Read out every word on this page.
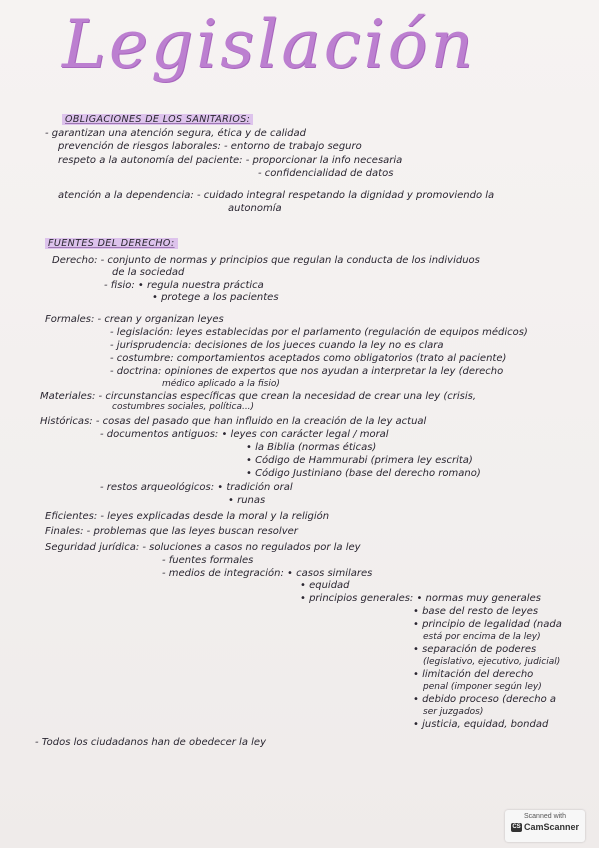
Legislación
OBLIGACIONES DE LOS SANITARIOS:
- garantizan una atención segura, ética y de calidad
prevención de riesgos laborales: - entorno de trabajo seguro
respeto a la autonomía del paciente: - proporcionar la info necesaria
- confidencialidad de datos
atención a la dependencia: - cuidado integral respetando la dignidad y promoviendo la
autonomía
FUENTES DEL DERECHO:
Derecho: - conjunto de normas y principios que regulan la conducta de los individuos
de la sociedad
- fisio: • regula nuestra práctica
• protege a los pacientes
Formales: - crean y organizan leyes
- legislación: leyes establecidas por el parlamento (regulación de equipos médicos)
- jurisprudencia: decisiones de los jueces cuando la ley no es clara
- costumbre: comportamientos aceptados como obligatorios (trato al paciente)
- doctrina: opiniones de expertos que nos ayudan a interpretar la ley (derecho
médico aplicado a la fisio)
Materiales: - circunstancias específicas que crean la necesidad de crear una ley (crisis,
costumbres sociales, política...)
Históricas: - cosas del pasado que han influido en la creación de la ley actual
- documentos antiguos: • leyes con carácter legal / moral
• la Biblia (normas éticas)
• Código de Hammurabi (primera ley escrita)
• Código Justiniano (base del derecho romano)
- restos arqueológicos: • tradición oral
• runas
Eficientes: - leyes explicadas desde la moral y la religión
Finales: - problemas que las leyes buscan resolver
Seguridad jurídica: - soluciones a casos no regulados por la ley
- fuentes formales
- medios de integración: • casos similares
• equidad
• principios generales: • normas muy generales
• base del resto de leyes
• principio de legalidad (nada
está por encima de la ley)
• separación de poderes
(legislativo, ejecutivo, judicial)
• limitación del derecho
penal (imponer según ley)
• debido proceso (derecho a
ser juzgados)
• justicia, equidad, bondad
- Todos los ciudadanos han de obedecer la ley
Scanned with
CS CamScanner
